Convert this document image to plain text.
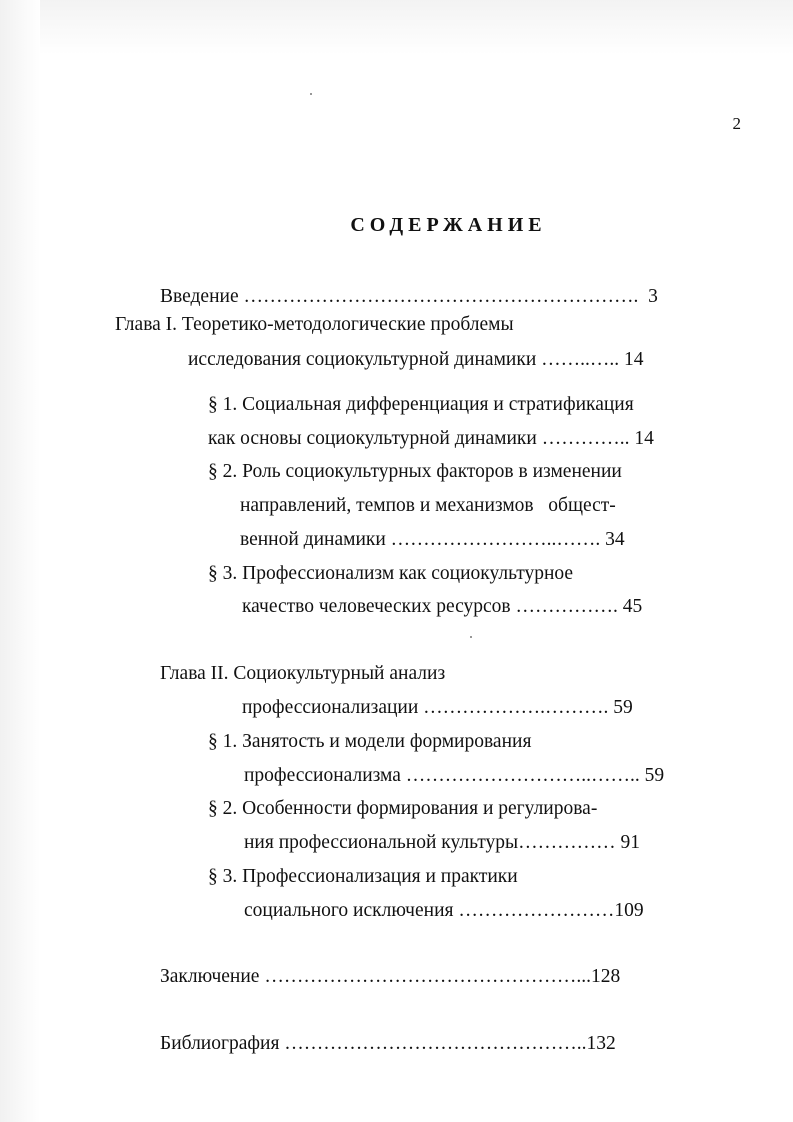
2
СОДЕРЖАНИЕ
Введение …………………………………………………….  3
Глава I. Теоретико-методологические проблемы
исследования социокультурной динамики ……..….. 14
§ 1. Социальная дифференциация и стратификация
как основы социокультурной динамики ………….. 14
§ 2. Роль социокультурных факторов в изменении
направлений, темпов и механизмов   общест-
венной динамики ……………………..……. 34
§ 3. Профессионализм как социокультурное
качество человеческих ресурсов ……………. 45
Глава II. Социокультурный анализ
профессионализации ……………….………. 59
§ 1. Занятость и модели формирования
профессионализма ………………………..…….. 59
§ 2. Особенности формирования и регулирова-
ния профессиональной культуры…………… 91
§ 3. Профессионализация и практики
социального исключения ……………………109
Заключение …………………………………………...128
Библиография ………………………………………..132
